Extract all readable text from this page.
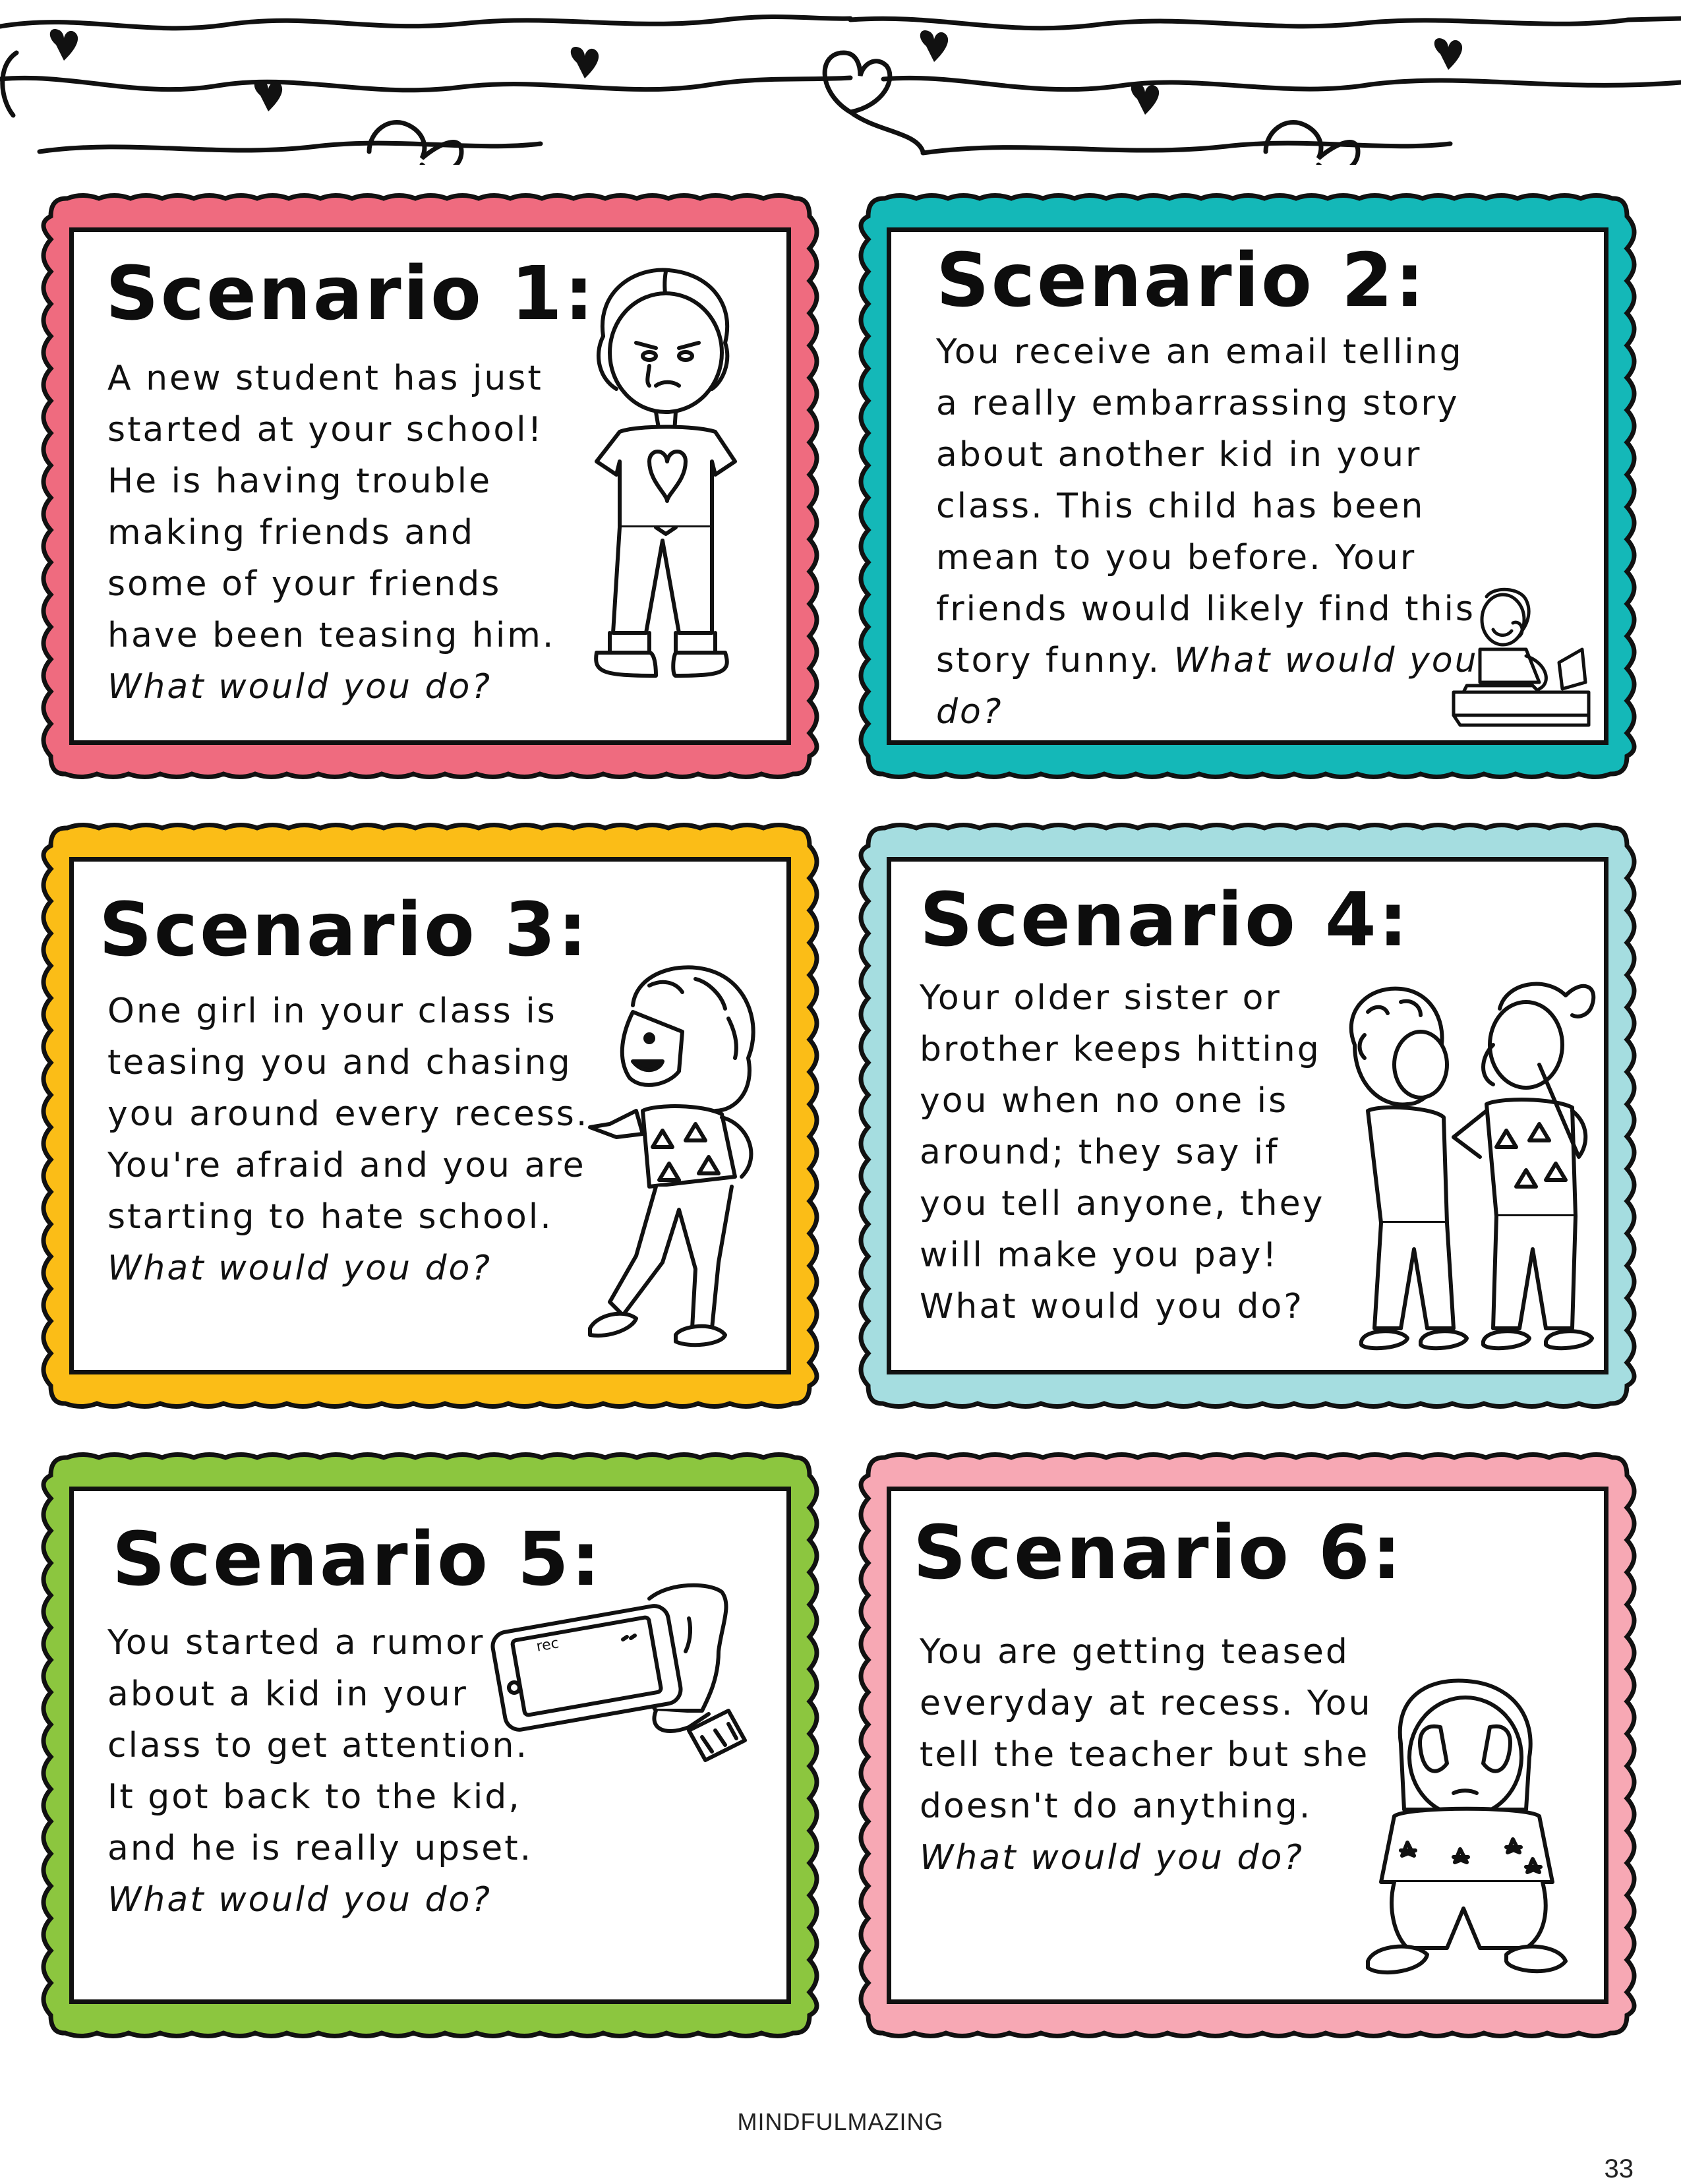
Scenario 1:

A new student has just
started at your school!
He is having trouble
making friends and
some of your friends
have been teasing him.
What would you do?

Scenario 2:

You receive an email telling
a really embarrassing story
about another kid in your
class. This child has been
mean to you before. Your
friends would likely find this
story funny. What would you do?

Scenario 3:

One girl in your class is
teasing you and chasing
you around every recess.
You're afraid and you are
starting to hate school.
What would you do?

Scenario 4:

Your older sister or
brother keeps hitting
you when no one is
around; they say if
you tell anyone, they
will make you pay!
What would you do?

Scenario 5:

You started a rumor
about a kid in your
class to get attention.
It got back to the kid,
and he is really upset.
What would you do?

rec
Scenario 6:

You are getting teased
everyday at recess. You
tell the teacher but she
doesn't do anything.
What would you do?

MINDFULMAZING
33
